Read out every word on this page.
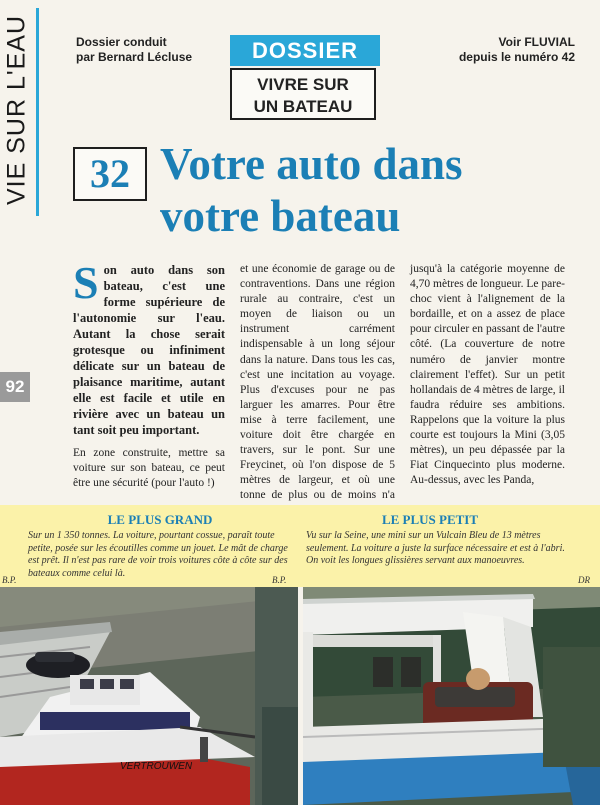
VIE SUR L'EAU
92
Dossier conduit
par Bernard Lécluse	DOSSIER
VIVRE SUR
UN BATEAU
Voir FLUVIAL
depuis le numéro 42
32 Votre auto dans
votre bateau

Son auto dans son bateau, c'est une forme supérieure de l'autonomie sur l'eau. Autant la chose serait grotesque ou infiniment délicate sur un bateau de plaisance maritime, autant elle est facile et utile en rivière avec un bateau un tant soit peu important.

En zone construite, mettre sa voiture sur son bateau, ce peut être une sécurité (pour l'auto !)

et une économie de garage ou de contraventions. Dans une région rurale au contraire, c'est un moyen de liaison ou un instrument carrément indispensable à un long séjour dans la nature. Dans tous les cas, c'est une incitation au voyage. Plus d'excuses pour ne pas larguer les amarres. Pour être mise à terre facilement, une voiture doit être chargée en travers, sur le pont. Sur une Freycinet, où l'on dispose de 5 mètres de largeur, et où une tonne de plus ou de moins n'a

jusqu'à la catégorie moyenne de 4,70 mètres de longueur. Le pare-choc vient à l'alignement de la bordaille, et on a assez de place pour circuler en passant de l'autre côté. (La couverture de notre numéro de janvier montre clairement l'effet). Sur un petit hollandais de 4 mètres de large, il faudra réduire ses ambitions. Rappelons que la voiture la plus courte est toujours la Mini (3,05 mètres), un peu dépassée par la Fiat Cinquecinto plus moderne. Au-dessus, avec les Panda,

LE PLUS GRAND	LE PLUS PETIT
Sur un 1 350 tonnes. La voiture, pourtant cossue, paraît toute petite, posée sur les écoutilles comme un jouet. Le mât de charge est prêt. Il n'est pas rare de voir trois voitures côte à côte sur des bateaux comme celui là.
Vu sur la Seine, une mini sur un Vulcain Bleu de 13 mètres seulement. La voiture a juste la surface nécessaire et est à l'abri. On voit les longues glissières servant aux manoeuvres.
B.P.	B.P.	DR
VERTROUWEN
